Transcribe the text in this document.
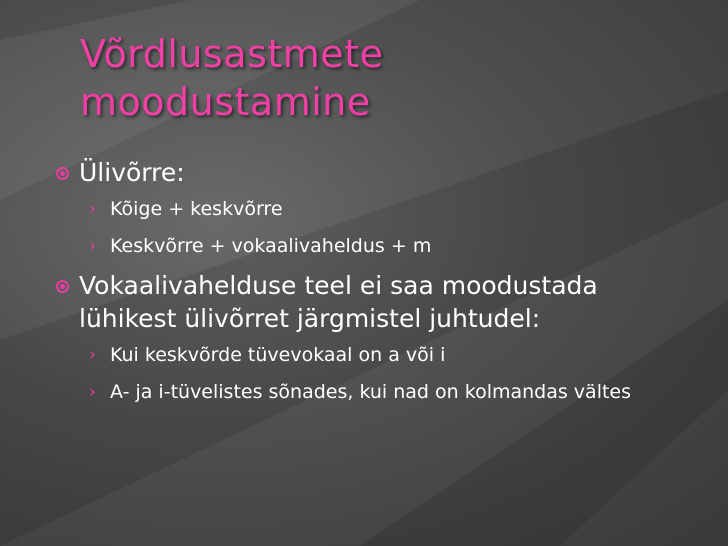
Võrdlusastmete
moodustamine
Ülivõrre:
› Kõige + keskvõrre
› Keskvõrre + vokaalivaheldus + m
Vokaalivahelduse teel ei saa moodustada lühikest ülivõrret järgmistel juhtudel:
› Kui keskvõrde tüvevokaal on a või i
› A- ja i-tüvelistes sõnades, kui nad on kolmandas vältes
